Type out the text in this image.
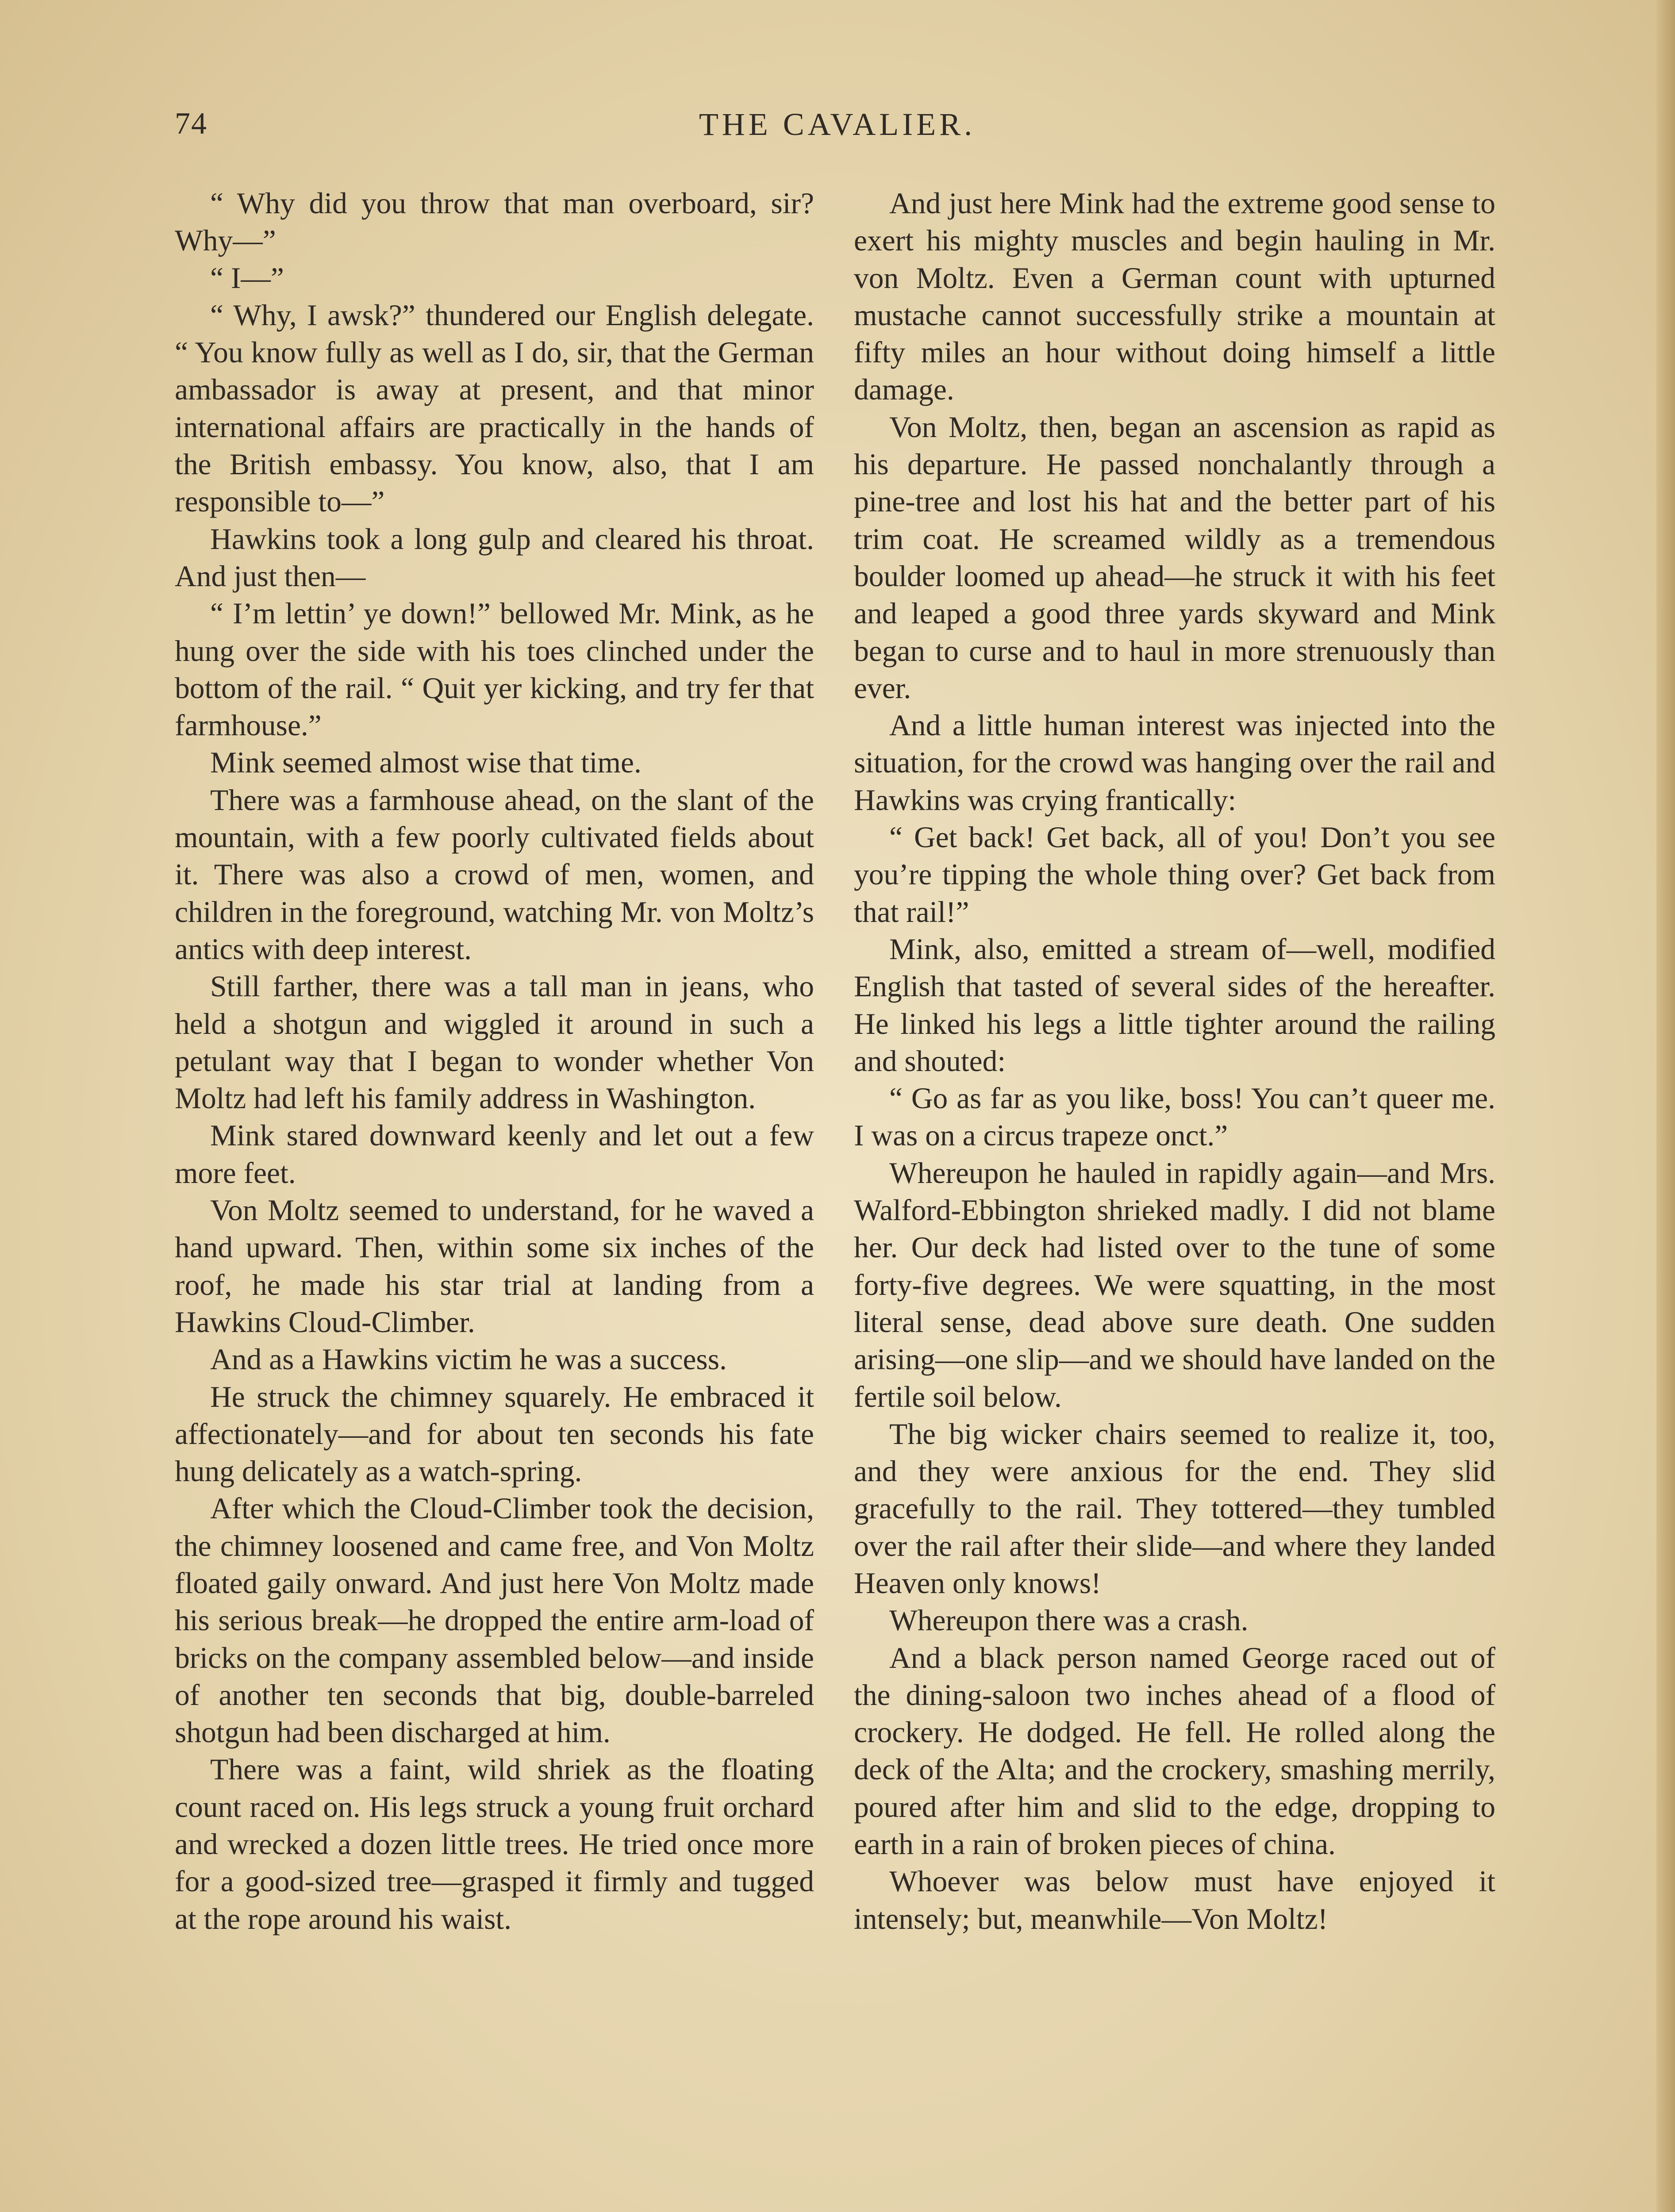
74	THE CAVALIER.

“ Why did you throw that man overboard, sir? Why—”

“ I—”

“ Why, I awsk?” thundered our English delegate. “ You know fully as well as I do, sir, that the German ambassador is away at present, and that minor international affairs are practically in the hands of the British embassy. You know, also, that I am responsible to—”

Hawkins took a long gulp and cleared his throat. And just then—

“ I’m lettin’ ye down!” bellowed Mr. Mink, as he hung over the side with his toes clinched under the bottom of the rail. “ Quit yer kicking, and try fer that farmhouse.”

Mink seemed almost wise that time.

There was a farmhouse ahead, on the slant of the mountain, with a few poorly cultivated fields about it. There was also a crowd of men, women, and children in the foreground, watching Mr. von Moltz’s antics with deep interest.

Still farther, there was a tall man in jeans, who held a shotgun and wiggled it around in such a petulant way that I began to wonder whether Von Moltz had left his family address in Washington.

Mink stared downward keenly and let out a few more feet.

Von Moltz seemed to understand, for he waved a hand upward. Then, within some six inches of the roof, he made his star trial at landing from a Hawkins Cloud-Climber.

And as a Hawkins victim he was a success.

He struck the chimney squarely. He embraced it affectionately—and for about ten seconds his fate hung delicately as a watch-spring.

After which the Cloud-Climber took the decision, the chimney loosened and came free, and Von Moltz floated gaily onward. And just here Von Moltz made his serious break—he dropped the entire arm-load of bricks on the company assembled below—and inside of another ten seconds that big, double-barreled shotgun had been discharged at him.

There was a faint, wild shriek as the floating count raced on. His legs struck a young fruit orchard and wrecked a dozen little trees. He tried once more for a good-sized tree—grasped it firmly and tugged at the rope around his waist.

And just here Mink had the extreme good sense to exert his mighty muscles and begin hauling in Mr. von Moltz. Even a German count with upturned mustache cannot successfully strike a mountain at fifty miles an hour without doing himself a little damage.

Von Moltz, then, began an ascension as rapid as his departure. He passed nonchalantly through a pine-tree and lost his hat and the better part of his trim coat. He screamed wildly as a tremendous boulder loomed up ahead—he struck it with his feet and leaped a good three yards skyward and Mink began to curse and to haul in more strenuously than ever.

And a little human interest was injected into the situation, for the crowd was hanging over the rail and Hawkins was crying frantically:

“ Get back! Get back, all of you! Don’t you see you’re tipping the whole thing over? Get back from that rail!”

Mink, also, emitted a stream of—well, modified English that tasted of several sides of the hereafter. He linked his legs a little tighter around the railing and shouted:

“ Go as far as you like, boss! You can’t queer me. I was on a circus trapeze onct.”

Whereupon he hauled in rapidly again—and Mrs. Walford-Ebbington shrieked madly. I did not blame her. Our deck had listed over to the tune of some forty-five degrees. We were squatting, in the most literal sense, dead above sure death. One sudden arising—one slip—and we should have landed on the fertile soil below.

The big wicker chairs seemed to realize it, too, and they were anxious for the end. They slid gracefully to the rail. They tottered—they tumbled over the rail after their slide—and where they landed Heaven only knows!

Whereupon there was a crash.

And a black person named George raced out of the dining-saloon two inches ahead of a flood of crockery. He dodged. He fell. He rolled along the deck of the Alta; and the crockery, smashing merrily, poured after him and slid to the edge, dropping to earth in a rain of broken pieces of china.

Whoever was below must have enjoyed it intensely; but, meanwhile—Von Moltz!
